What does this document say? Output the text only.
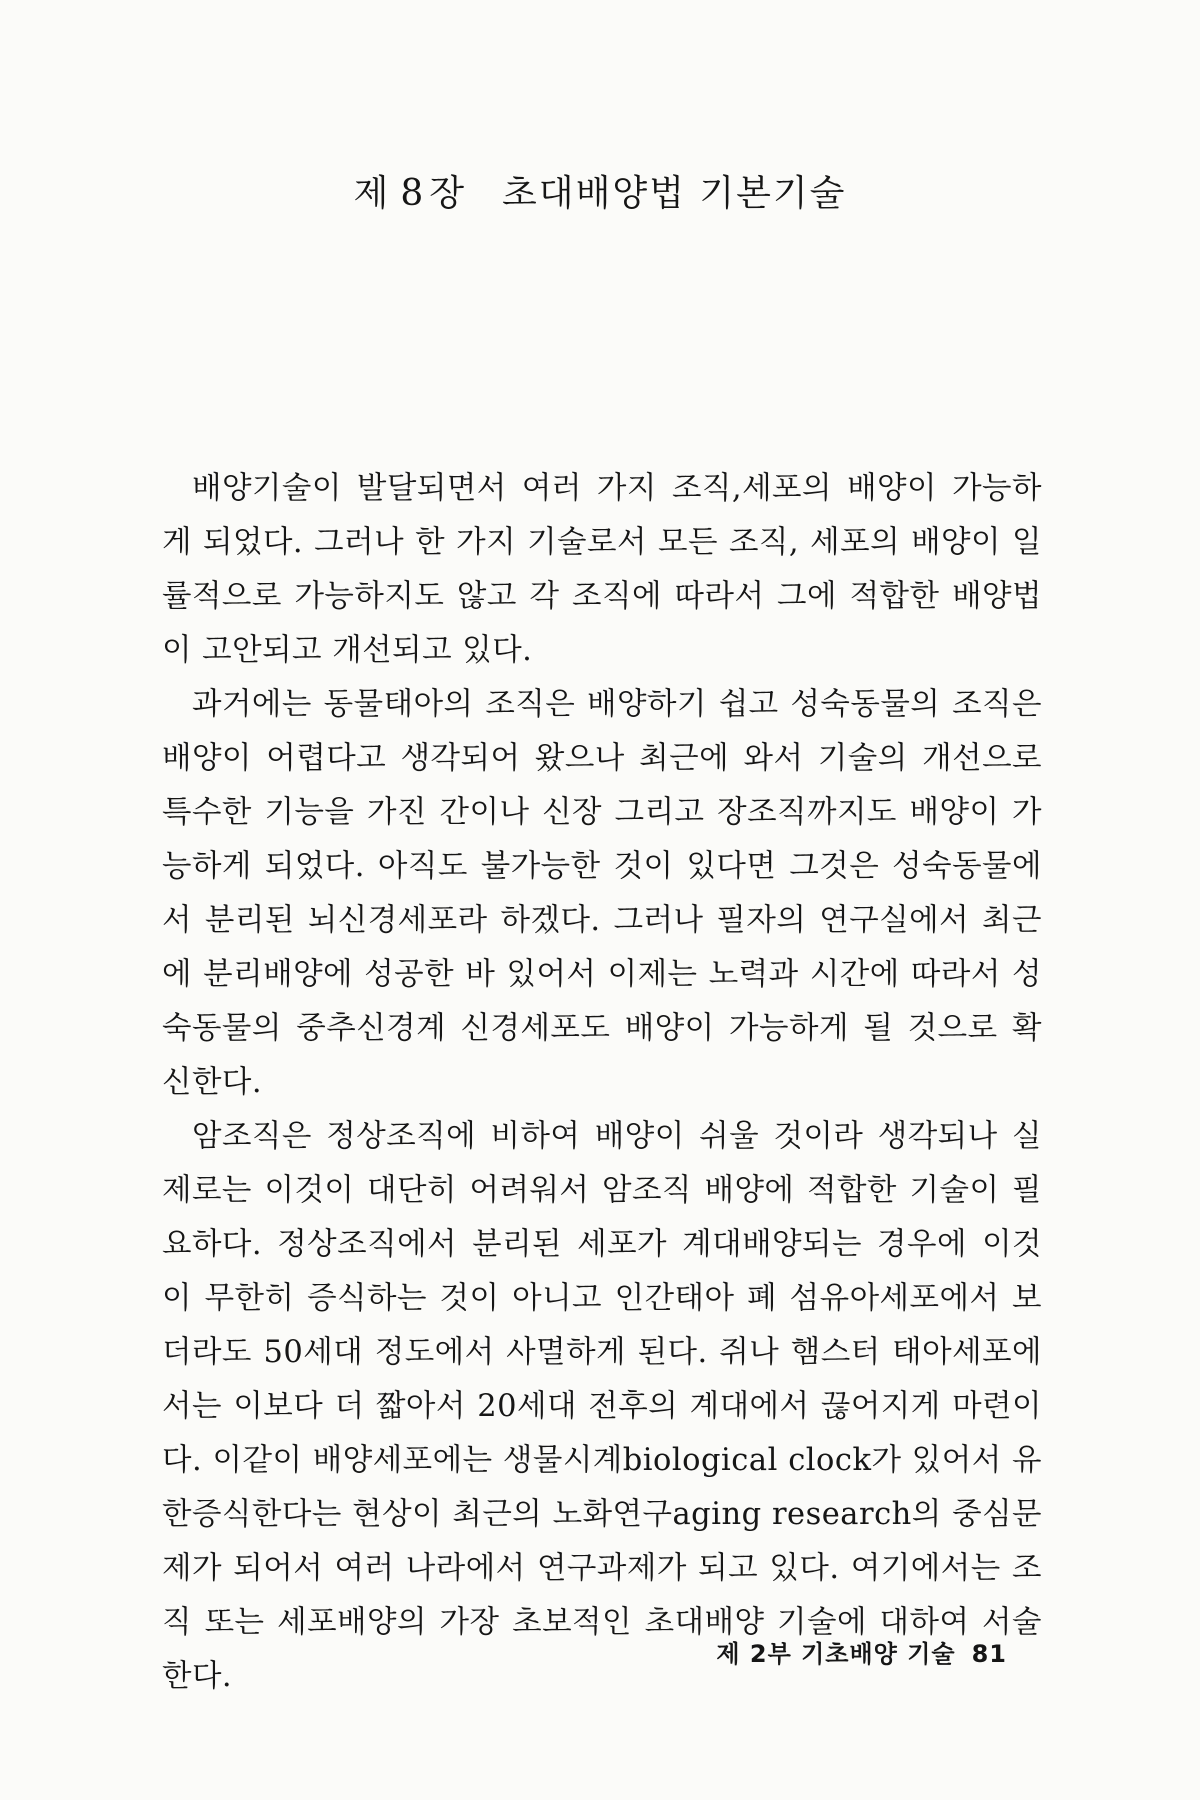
제 8 장 초대배양법 기본기술

배양기술이 발달되면서 여러 가지 조직,세포의 배양이 가능하게 되었다. 그러나 한 가지 기술로서 모든 조직, 세포의 배양이 일률적으로 가능하지도 않고 각 조직에 따라서 그에 적합한 배양법이 고안되고 개선되고 있다.

과거에는 동물태아의 조직은 배양하기 쉽고 성숙동물의 조직은 배양이 어렵다고 생각되어 왔으나 최근에 와서 기술의 개선으로 특수한 기능을 가진 간이나 신장 그리고 장조직까지도 배양이 가능하게 되었다. 아직도 불가능한 것이 있다면 그것은 성숙동물에서 분리된 뇌신경세포라 하겠다. 그러나 필자의 연구실에서 최근에 분리배양에 성공한 바 있어서 이제는 노력과 시간에 따라서 성숙동물의 중추신경계 신경세포도 배양이 가능하게 될 것으로 확신한다.

암조직은 정상조직에 비하여 배양이 쉬울 것이라 생각되나 실제로는 이것이 대단히 어려워서 암조직 배양에 적합한 기술이 필요하다. 정상조직에서 분리된 세포가 계대배양되는 경우에 이것이 무한히 증식하는 것이 아니고 인간태아 폐 섬유아세포에서 보더라도 50세대 정도에서 사멸하게 된다. 쥐나 햄스터 태아세포에서는 이보다 더 짧아서 20세대 전후의 계대에서 끊어지게 마련이다. 이같이 배양세포에는 생물시계biological clock가 있어서 유한증식한다는 현상이 최근의 노화연구aging research의 중심문제가 되어서 여러 나라에서 연구과제가 되고 있다. 여기에서는 조직 또는 세포배양의 가장 초보적인 초대배양 기술에 대하여 서술한다.

제 2부 기초배양 기술 81
